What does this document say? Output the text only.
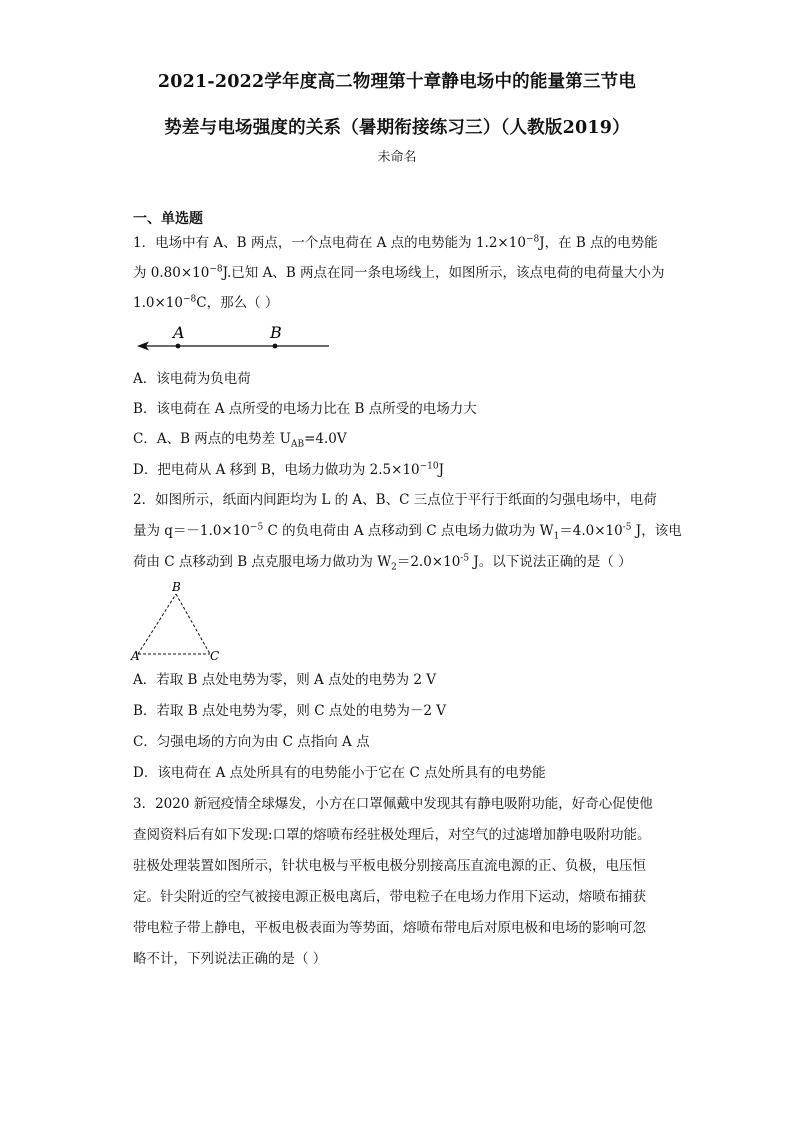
2021-2022学年度高二物理第十章静电场中的能量第三节电
势差与电场强度的关系（暑期衔接练习三）（人教版2019）
未命名
一、单选题
1．电场中有 A、B 两点，一个点电荷在 A 点的电势能为 $1.2\times 10^{-8}J$，在 B 点的电势能
为 $0.80\times 10^{-8}J$.已知 A、B 两点在同一条电场线上，如图所示，该点电荷的电荷量大小为
$1.0\times 10^{-8}C$，那么（ ）
A	B
A．该电荷为负电荷
B．该电荷在 A 点所受的电场力比在 B 点所受的电场力大
C．A、B 两点的电势差 $U_{AB}=4.0V$
D．把电荷从 A 移到 B，电场力做功为 $2.5\times 10^{-10}J$
2．如图所示，纸面内间距均为 L 的 A、B、C 三点位于平行于纸面的匀强电场中，电荷
量为 $q=-1.0\times 10^{-5}$ C 的负电荷由 A 点移动到 C 点电场力做功为 $W_1=4.0\times 10^{-5}$ J，该电
荷由 C 点移动到 B 点克服电场力做功为 $W_2=2.0\times 10^{-5}$ J。以下说法正确的是（ ）
B
A	C
A．若取 B 点处电势为零，则 A 点处的电势为 2 V
B．若取 B 点处电势为零，则 C 点处的电势为－2 V
C．匀强电场的方向为由 C 点指向 A 点
D．该电荷在 A 点处所具有的电势能小于它在 C 点处所具有的电势能
3．2020 新冠疫情全球爆发，小方在口罩佩戴中发现其有静电吸附功能，好奇心促使他
查阅资料后有如下发现:口罩的熔喷布经驻极处理后，对空气的过滤增加静电吸附功能。
驻极处理装置如图所示，针状电极与平板电极分别接高压直流电源的正、负极，电压恒
定。针尖附近的空气被接电源正极电离后，带电粒子在电场力作用下运动，熔喷布捕获
带电粒子带上静电，平板电极表面为等势面，熔喷布带电后对原电极和电场的影响可忽
略不计，下列说法正确的是（ ）
